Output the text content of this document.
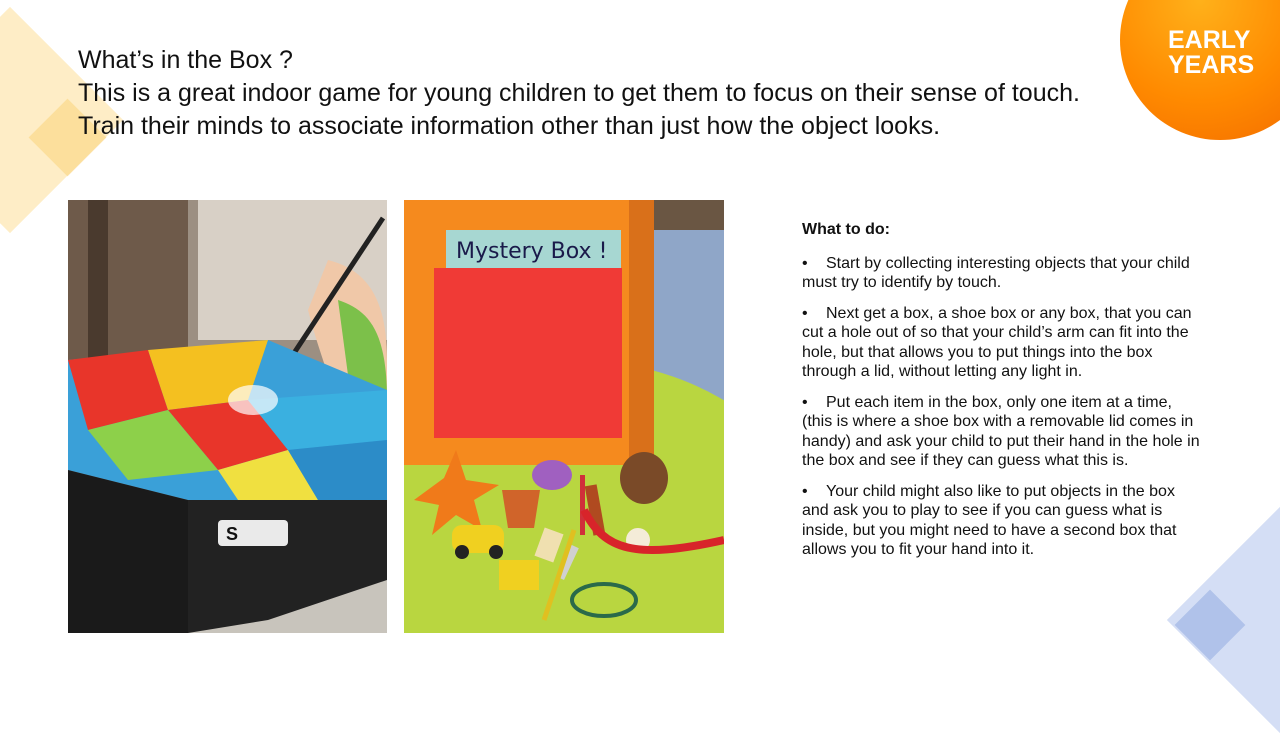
EARLY
YEARS
What’s in the Box ?
This is a great indoor game for young children to get them to focus on their sense of touch.
Train their minds to associate information other than just how the object looks.
S
Mystery Box !
What to do:
• Start by collecting interesting objects that your child must try to identify by touch.
• Next get a box, a shoe box or any box, that you can cut a hole out of so that your child’s arm can fit into the hole, but that allows you to put things into the box through a lid, without letting any light in.
• Put each item in the box, only one item at a time, (this is where a shoe box with a removable lid comes in handy) and ask your child to put their hand in the hole in the box and see if they can guess what this is.
• Your child might also like to put objects in the box and ask you to play to see if you can guess what is inside, but you might need to have a second box that allows you to fit your hand into it.
